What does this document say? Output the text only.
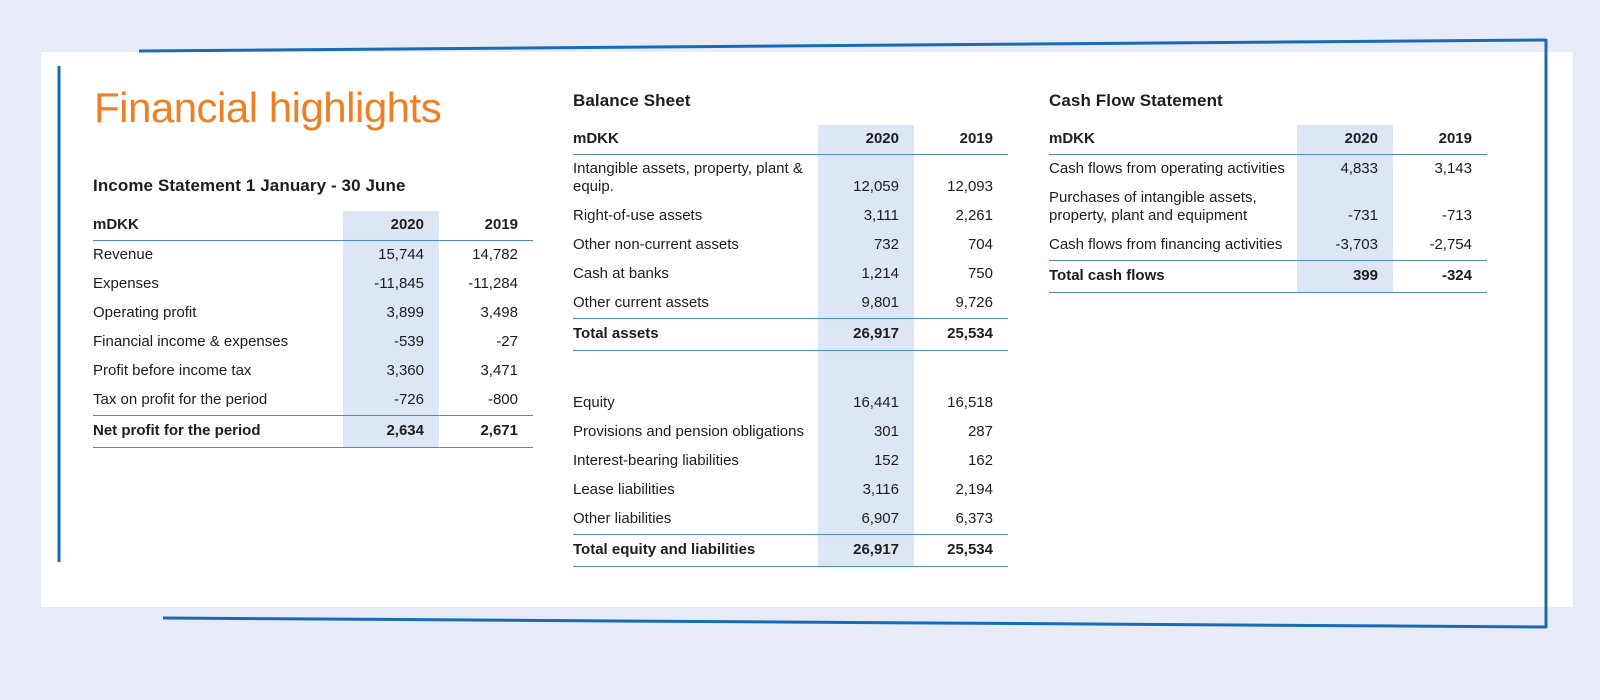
Financial highlights
Income Statement 1 January - 30 June
mDKK	2020	2019
Revenue	15,744	14,782
Expenses	-11,845	-11,284
Operating profit	3,899	3,498
Financial income & expenses	-539	-27
Profit before income tax	3,360	3,471
Tax on profit for the period	-726	-800
Net profit for the period	2,634	2,671
Balance Sheet
mDKK	2020	2019
Intangible assets, property, plant & equip.	12,059	12,093
Right-of-use assets	3,111	2,261
Other non-current assets	732	704
Cash at banks	1,214	750
Other current assets	9,801	9,726
Total assets	26,917	25,534

Equity	16,441	16,518
Provisions and pension obligations	301	287
Interest-bearing liabilities	152	162
Lease liabilities	3,116	2,194
Other liabilities	6,907	6,373
Total equity and liabilities	26,917	25,534
Cash Flow Statement
mDKK	2020	2019
Cash flows from operating activities	4,833	3,143
Purchases of intangible assets, property, plant and equipment	-731	-713
Cash flows from financing activities	-3,703	-2,754
Total cash flows	399	-324
